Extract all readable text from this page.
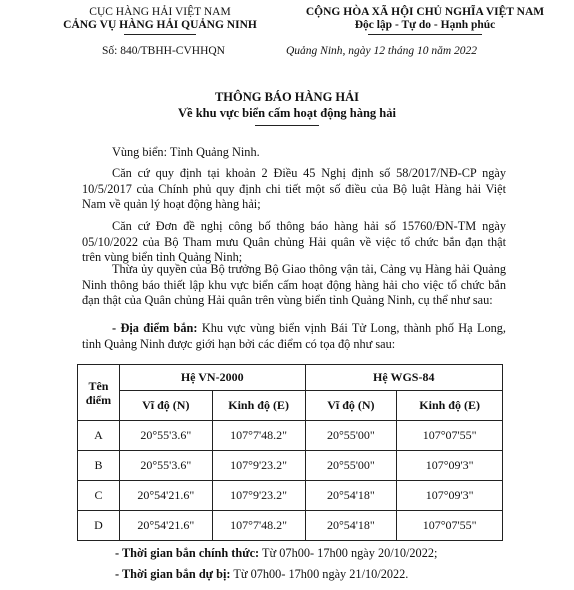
CỤC HÀNG HẢI VIỆT NAM
CẢNG VỤ HÀNG HẢI QUẢNG NINH
CỘNG HÒA XÃ HỘI CHỦ NGHĨA VIỆT NAM
Độc lập - Tự do - Hạnh phúc
Số: 840/TBHH-CVHHQN	Quảng Ninh, ngày 12 tháng 10 năm 2022
THÔNG BÁO HÀNG HẢI
Về khu vực biển cấm hoạt động hàng hải
Vùng biển: Tỉnh Quảng Ninh.
Căn cứ quy định tại khoản 2 Điều 45 Nghị định số 58/2017/NĐ-CP ngày 10/5/2017 của Chính phủ quy định chi tiết một số điều của Bộ luật Hàng hải Việt Nam về quản lý hoạt động hàng hải;
Căn cứ Đơn đề nghị công bố thông báo hàng hải số 15760/ĐN-TM ngày 05/10/2022 của Bộ Tham mưu Quân chủng Hải quân về việc tổ chức bắn đạn thật trên vùng biển tỉnh Quảng Ninh;
Thừa ủy quyền của Bộ trưởng Bộ Giao thông vận tải, Cảng vụ Hàng hải Quảng Ninh thông báo thiết lập khu vực biển cấm hoạt động hàng hải cho việc tổ chức bắn đạn thật của Quân chủng Hải quân trên vùng biển tỉnh Quảng Ninh, cụ thể như sau:
- Địa điểm bắn: Khu vực vùng biển vịnh Bái Tử Long, thành phố Hạ Long, tỉnh Quảng Ninh được giới hạn bởi các điểm có tọa độ như sau:
Tên điểm	Hệ VN-2000		Hệ WGS-84	
	Vĩ độ (N)	Kinh độ (E)	Vĩ độ (N)	Kinh độ (E)
A	20°55'3.6"	107°7'48.2"	20°55'00"	107°07'55"
B	20°55'3.6"	107°9'23.2"	20°55'00"	107°09'3"
C	20°54'21.6"	107°9'23.2"	20°54'18"	107°09'3"
D	20°54'21.6"	107°7'48.2"	20°54'18"	107°07'55"
- Thời gian bắn chính thức: Từ 07h00- 17h00 ngày 20/10/2022;
- Thời gian bắn dự bị: Từ 07h00- 17h00 ngày 21/10/2022.
